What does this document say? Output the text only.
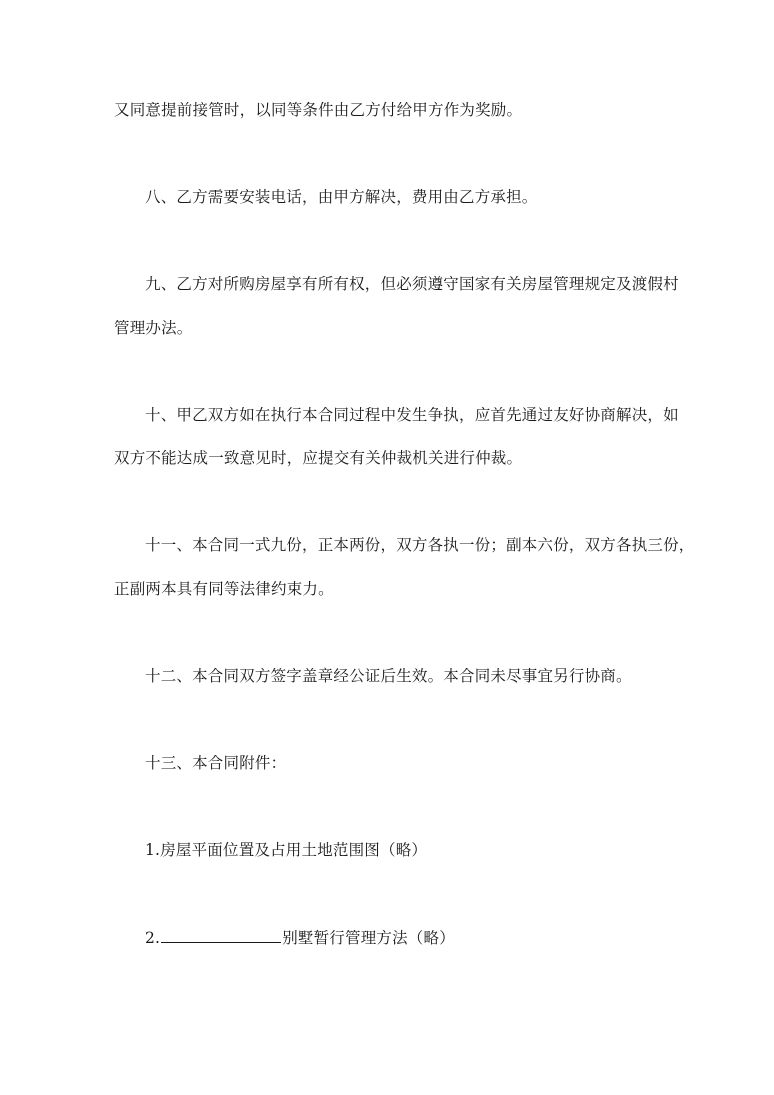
又同意提前接管时，以同等条件由乙方付给甲方作为奖励。
八、乙方需要安装电话，由甲方解决，费用由乙方承担。
九、乙方对所购房屋享有所有权，但必须遵守国家有关房屋管理规定及渡假村
管理办法。
十、甲乙双方如在执行本合同过程中发生争执，应首先通过友好协商解决，如
双方不能达成一致意见时，应提交有关仲裁机关进行仲裁。
十一、本合同一式九份，正本两份，双方各执一份；副本六份，双方各执三份，
正副两本具有同等法律约束力。
十二、本合同双方签字盖章经公证后生效。本合同未尽事宜另行协商。
十三、本合同附件：
1.房屋平面位置及占用土地范围图（略）
2.	别墅暂行管理方法（略）
